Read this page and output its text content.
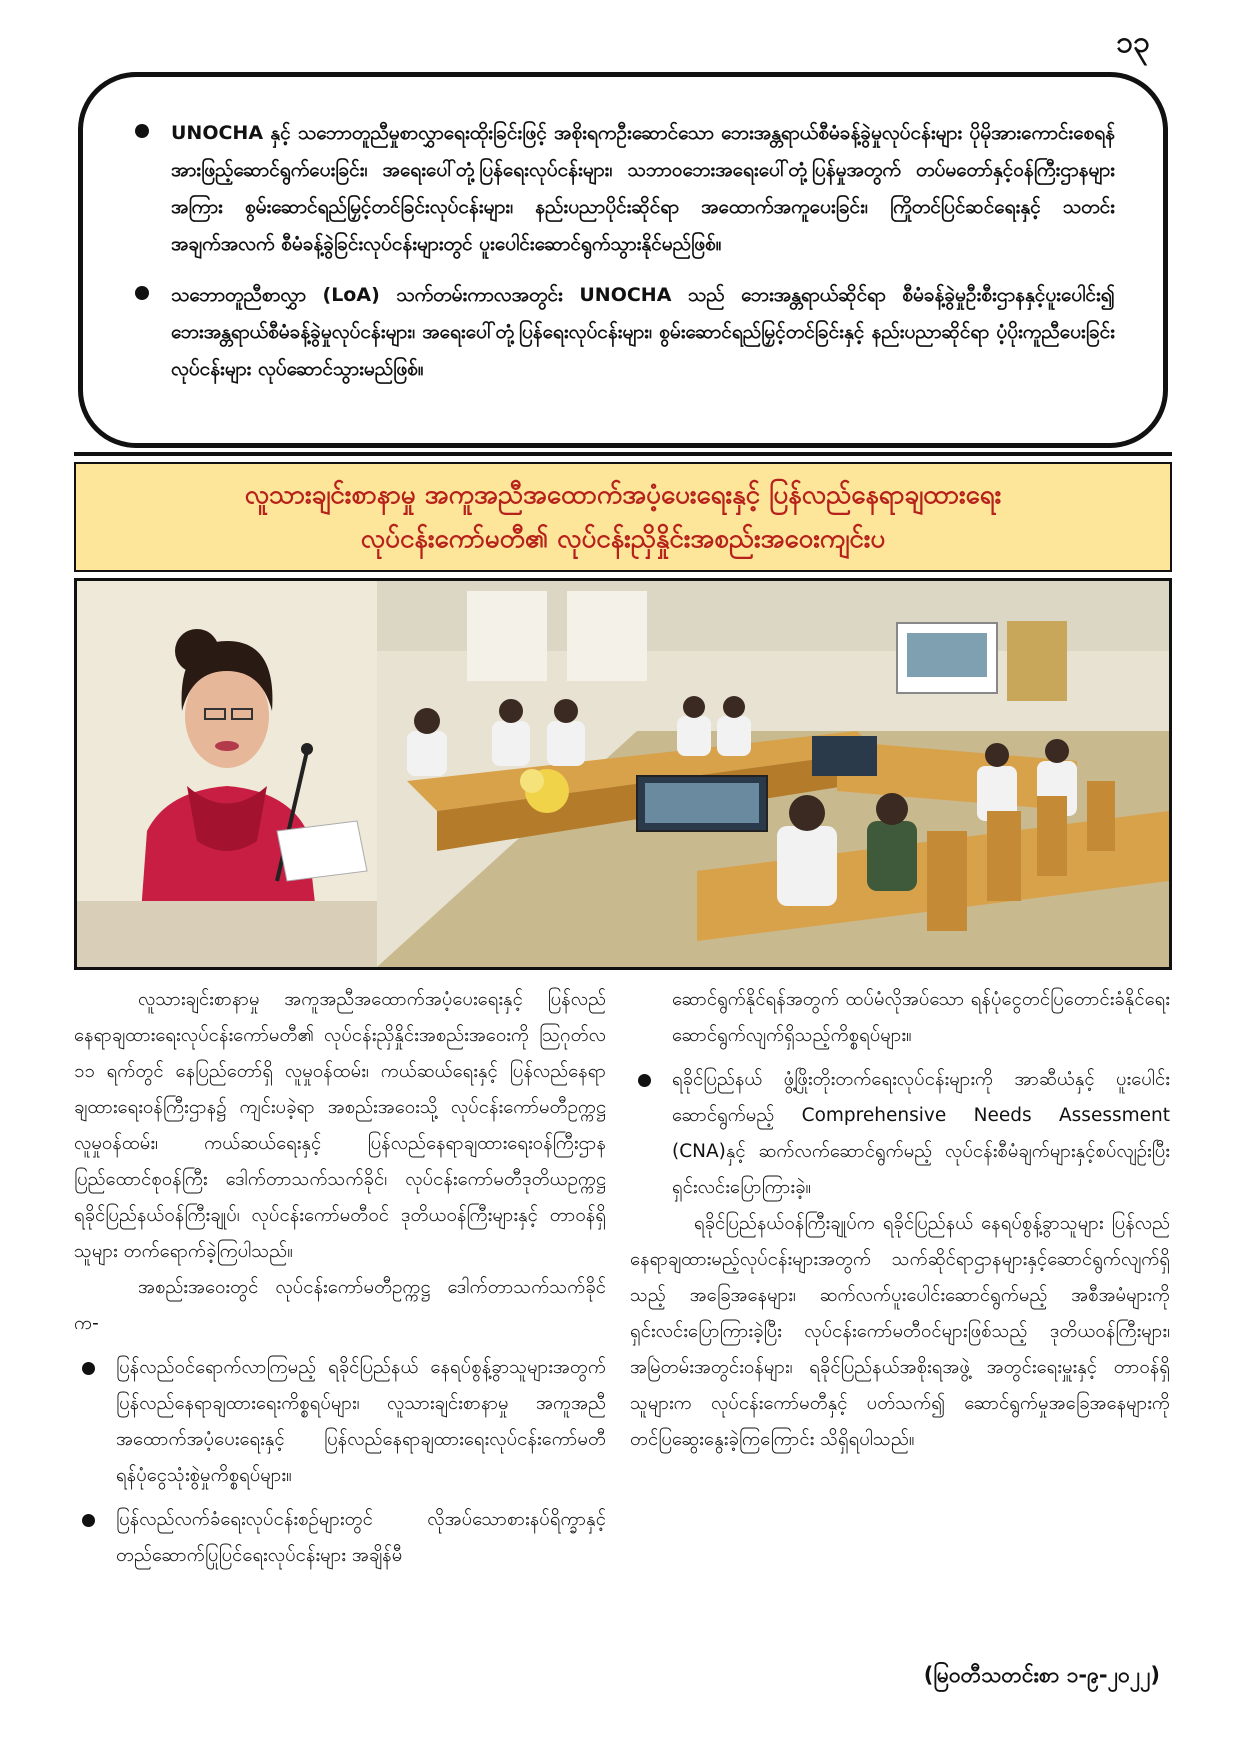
၁၃
UNOCHA နှင့် သဘောတူညီမှုစာလွှာရေးထိုးခြင်းဖြင့် အစိုးရကဦးဆောင်သော ဘေးအန္တရာယ်စီမံခန့်ခွဲမှုလုပ်ငန်းများ ပိုမိုအားကောင်းစေရန် အားဖြည့်ဆောင်ရွက်ပေးခြင်း၊ အရေးပေါ်တုံ့ပြန်ရေးလုပ်ငန်းများ၊ သဘာဝဘေးအရေးပေါ်တုံ့ပြန်မှုအတွက် တပ်မတော်နှင့်ဝန်ကြီးဌာနများအကြား စွမ်းဆောင်ရည်မြှင့်တင်ခြင်းလုပ်ငန်းများ၊ နည်းပညာပိုင်းဆိုင်ရာ အထောက်အကူပေးခြင်း၊ ကြိုတင်ပြင်ဆင်ရေးနှင့် သတင်းအချက်အလက် စီမံခန့်ခွဲခြင်းလုပ်ငန်းများတွင် ပူးပေါင်းဆောင်ရွက်သွားနိုင်မည်ဖြစ်။
သဘောတူညီစာလွှာ (LoA) သက်တမ်းကာလအတွင်း UNOCHA သည် ဘေးအန္တရာယ်ဆိုင်ရာ စီမံခန့်ခွဲမှုဦးစီးဌာနနှင့်ပူးပေါင်း၍ ဘေးအန္တရာယ်စီမံခန့်ခွဲမှုလုပ်ငန်းများ၊ အရေးပေါ်တုံ့ပြန်ရေးလုပ်ငန်းများ၊ စွမ်းဆောင်ရည်မြှင့်တင်ခြင်းနှင့် နည်းပညာဆိုင်ရာ ပံ့ပိုးကူညီပေးခြင်းလုပ်ငန်းများ လုပ်ဆောင်သွားမည်ဖြစ်။
လူသားချင်းစာနာမှု အကူအညီအထောက်အပံ့ပေးရေးနှင့် ပြန်လည်နေရာချထားရေး
လုပ်ငန်းကော်မတီ၏ လုပ်ငန်းညှိနှိုင်းအစည်းအဝေးကျင်းပ

လူသားချင်းစာနာမှု အကူအညီအထောက်အပံ့ပေးရေးနှင့် ပြန်လည်နေရာချထားရေးလုပ်ငန်းကော်မတီ၏ လုပ်ငန်းညှိနှိုင်းအစည်းအဝေးကို ဩဂုတ်လ ၁၁ ရက်တွင် နေပြည်တော်ရှိ လူမှုဝန်ထမ်း၊ ကယ်ဆယ်ရေးနှင့် ပြန်လည်နေရာချထားရေးဝန်ကြီးဌာန၌ ကျင်းပခဲ့ရာ အစည်းအဝေးသို့ လုပ်ငန်းကော်မတီဥက္ကဋ္ဌ လူမှုဝန်ထမ်း၊ ကယ်ဆယ်ရေးနှင့် ပြန်လည်နေရာချထားရေးဝန်ကြီးဌာန ပြည်ထောင်စုဝန်ကြီး ဒေါက်တာသက်သက်ခိုင်၊ လုပ်ငန်းကော်မတီဒုတိယဥက္ကဋ္ဌ ရခိုင်ပြည်နယ်ဝန်ကြီးချုပ်၊ လုပ်ငန်းကော်မတီဝင် ဒုတိယဝန်ကြီးများနှင့် တာဝန်ရှိသူများ တက်ရောက်ခဲ့ကြပါသည်။

အစည်းအဝေးတွင် လုပ်ငန်းကော်မတီဥက္ကဋ္ဌ ဒေါက်တာသက်သက်ခိုင်က-

ပြန်လည်ဝင်ရောက်လာကြမည့် ရခိုင်ပြည်နယ် နေရပ်စွန့်ခွာသူများအတွက် ပြန်လည်နေရာချထားရေးကိစ္စရပ်များ၊ လူသားချင်းစာနာမှု အကူအညီအထောက်အပံ့ပေးရေးနှင့် ပြန်လည်နေရာချထားရေးလုပ်ငန်းကော်မတီ ရန်ပုံငွေသုံးစွဲမှုကိစ္စရပ်များ။
ပြန်လည်လက်ခံရေးလုပ်ငန်းစဉ်များတွင် လိုအပ်သောစားနပ်ရိက္ခာနှင့် တည်ဆောက်ပြုပြင်ရေးလုပ်ငန်းများ အချိန်မီ
ဆောင်ရွက်နိုင်ရန်အတွက် ထပ်မံလိုအပ်သော ရန်ပုံငွေတင်ပြတောင်းခံနိုင်ရေး ဆောင်ရွက်လျက်ရှိသည့်ကိစ္စရပ်များ။
ရခိုင်ပြည်နယ် ဖွံ့ဖြိုးတိုးတက်ရေးလုပ်ငန်းများကို အာဆီယံနှင့် ပူးပေါင်းဆောင်ရွက်မည့် Comprehensive Needs Assessment (CNA)နှင့် ဆက်လက်ဆောင်ရွက်မည့် လုပ်ငန်းစီမံချက်များနှင့်စပ်လျဉ်းပြီး ရှင်းလင်းပြောကြားခဲ့။

ရခိုင်ပြည်နယ်ဝန်ကြီးချုပ်က ရခိုင်ပြည်နယ် နေရပ်စွန့်ခွာသူများ ပြန်လည်နေရာချထားမည့်လုပ်ငန်းများအတွက် သက်ဆိုင်ရာဌာနများနှင့်ဆောင်ရွက်လျက်ရှိသည့် အခြေအနေများ၊ ဆက်လက်ပူးပေါင်းဆောင်ရွက်မည့် အစီအမံများကို ရှင်းလင်းပြောကြားခဲ့ပြီး လုပ်ငန်းကော်မတီဝင်များဖြစ်သည့် ဒုတိယဝန်ကြီးများ၊ အမြဲတမ်းအတွင်းဝန်များ၊ ရခိုင်ပြည်နယ်အစိုးရအဖွဲ့ အတွင်းရေးမှူးနှင့် တာဝန်ရှိသူများက လုပ်ငန်းကော်မတီနှင့် ပတ်သက်၍ ဆောင်ရွက်မှုအခြေအနေများကို တင်ပြဆွေးနွေးခဲ့ကြကြောင်း သိရှိရပါသည်။

(မြဝတီသတင်းစာ ၁-၉-၂၀၂၂)
